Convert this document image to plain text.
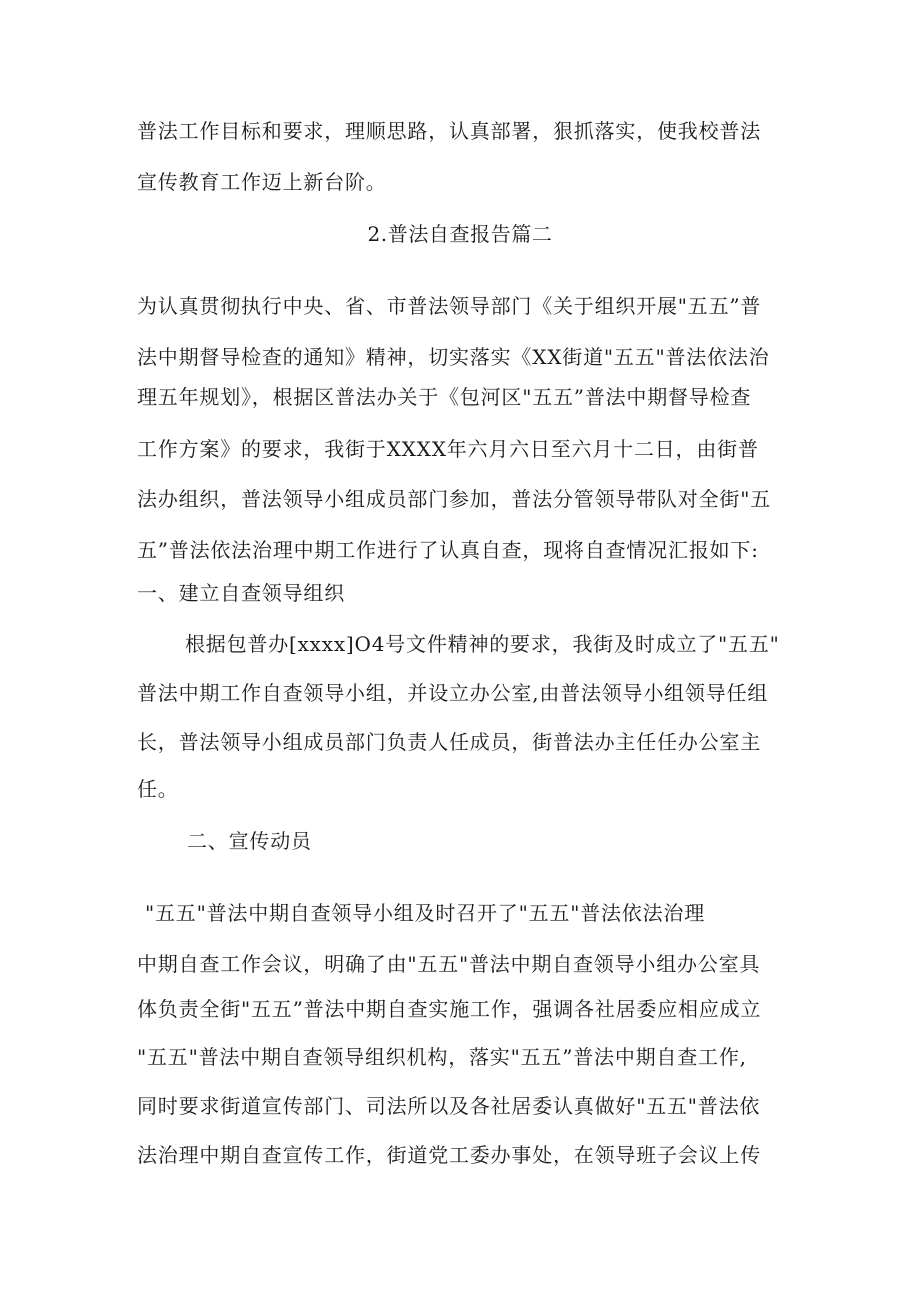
普法工作目标和要求，理顺思路，认真部署，狠抓落实，使我校普法
宣传教育工作迈上新台阶。
2.普法自查报告篇二
为认真贯彻执行中央、省、市普法领导部门《关于组织开展"五五”普
法中期督导检查的通知》精神，切实落实《XX街道"五五"普法依法治
理五年规划》，根据区普法办关于《包河区"五五”普法中期督导检查
工作方案》的要求，我街于XXXX年六月六日至六月十二日，由街普
法办组织，普法领导小组成员部门参加，普法分管领导带队对全街"五
五”普法依法治理中期工作进行了认真自查，现将自查情况汇报如下:
一、建立自查领导组织
根据包普办[xxxx]O4号文件精神的要求，我街及时成立了"五五"
普法中期工作自查领导小组，并设立办公室,由普法领导小组领导任组
长，普法领导小组成员部门负责人任成员，街普法办主任任办公室主
任。
二、宣传动员
"五五"普法中期自查领导小组及时召开了"五五"普法依法治理
中期自查工作会议，明确了由"五五"普法中期自查领导小组办公室具
体负责全街"五五”普法中期自查实施工作，强调各社居委应相应成立
"五五"普法中期自查领导组织机构，落实"五五”普法中期自查工作,
同时要求街道宣传部门、司法所以及各社居委认真做好"五五"普法依
法治理中期自查宣传工作，街道党工委办事处，在领导班子会议上传
